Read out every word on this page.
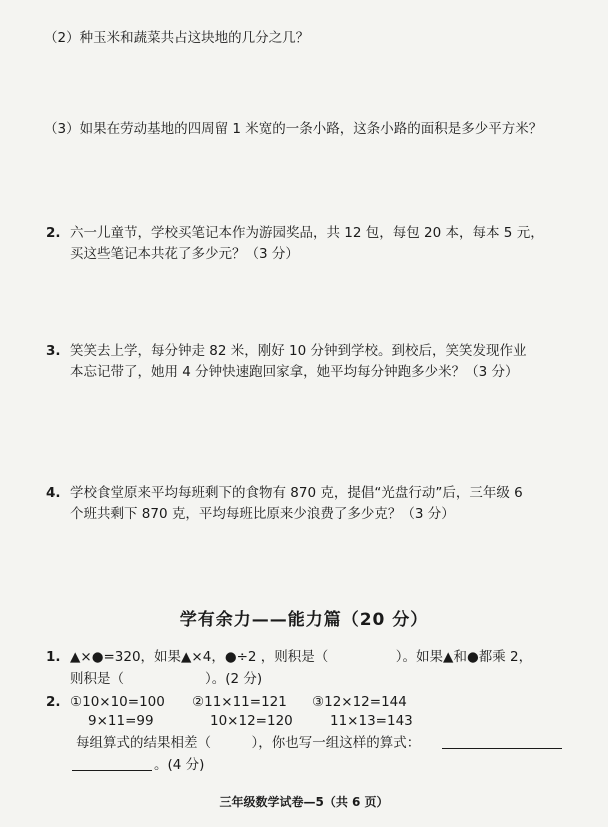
（2）种玉米和蔬菜共占这块地的几分之几？
（3）如果在劳动基地的四周留 1 米宽的一条小路，这条小路的面积是多少平方米？
2. 六一儿童节，学校买笔记本作为游园奖品，共 12 包，每包 20 本，每本 5 元，
买这些笔记本共花了多少元？（3 分）
3. 笑笑去上学，每分钟走 82 米，刚好 10 分钟到学校。到校后，笑笑发现作业
本忘记带了，她用 4 分钟快速跑回家拿，她平均每分钟跑多少米？（3 分）
4. 学校食堂原来平均每班剩下的食物有 870 克，提倡“光盘行动”后，三年级 6
个班共剩下 870 克，平均每班比原来少浪费了多少克？（3 分）
学有余力——能力篇（20 分）
1. ▲×●=320，如果▲×4，●÷2 ，则积是（　　　　　）。如果▲和●都乘 2，
则积是（　　　　　　）。(2 分)
2. ①10×10=100 ②11×11=121 ③12×12=144
9×11=99	10×12=120	11×13=143
每组算式的结果相差（　　　），你也写一组这样的算式：
。(4 分)
三年级数学试卷—5（共 6 页）
